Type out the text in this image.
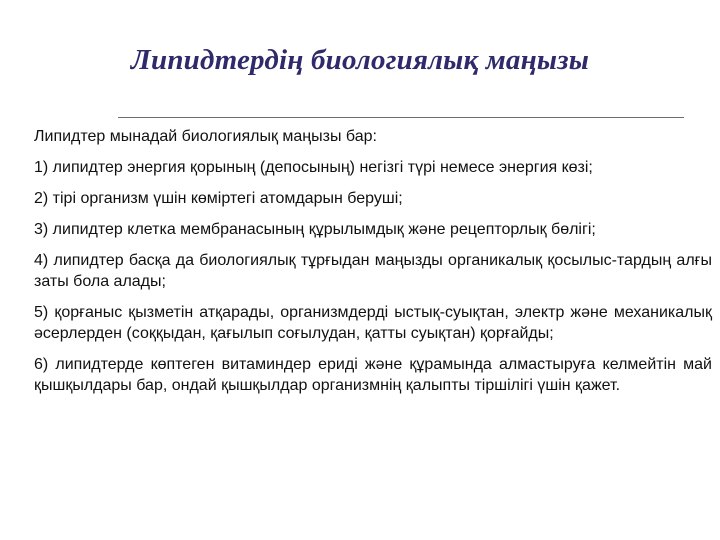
Липидтердің биологиялық маңызы

Липидтер мынадай биологиялық маңызы бар:

1) липидтер энергия қорының (депосының) негізгі түрі немесе энергия көзі;

2) тірі организм үшін көміртегі атомдарын беруші;

3) липидтер клетка мембранасының құрылымдық және рецепторлық бөлігі;

4) липидтер басқа да биологиялық тұрғыдан маңызды органикалық қосылыс-тардың алғы заты бола алады;

5) қорғаныс қызметін атқарады, организмдерді ыстық-суықтан, электр және механикалық әсерлерден (соққыдан, қағылып соғылудан, қатты суықтан) қорғайды;

6) липидтерде көптеген витаминдер ериді және құрамында алмастыруға келмейтін май қышқылдары бар, ондай қышқылдар организмнің қалыпты тіршілігі үшін қажет.
